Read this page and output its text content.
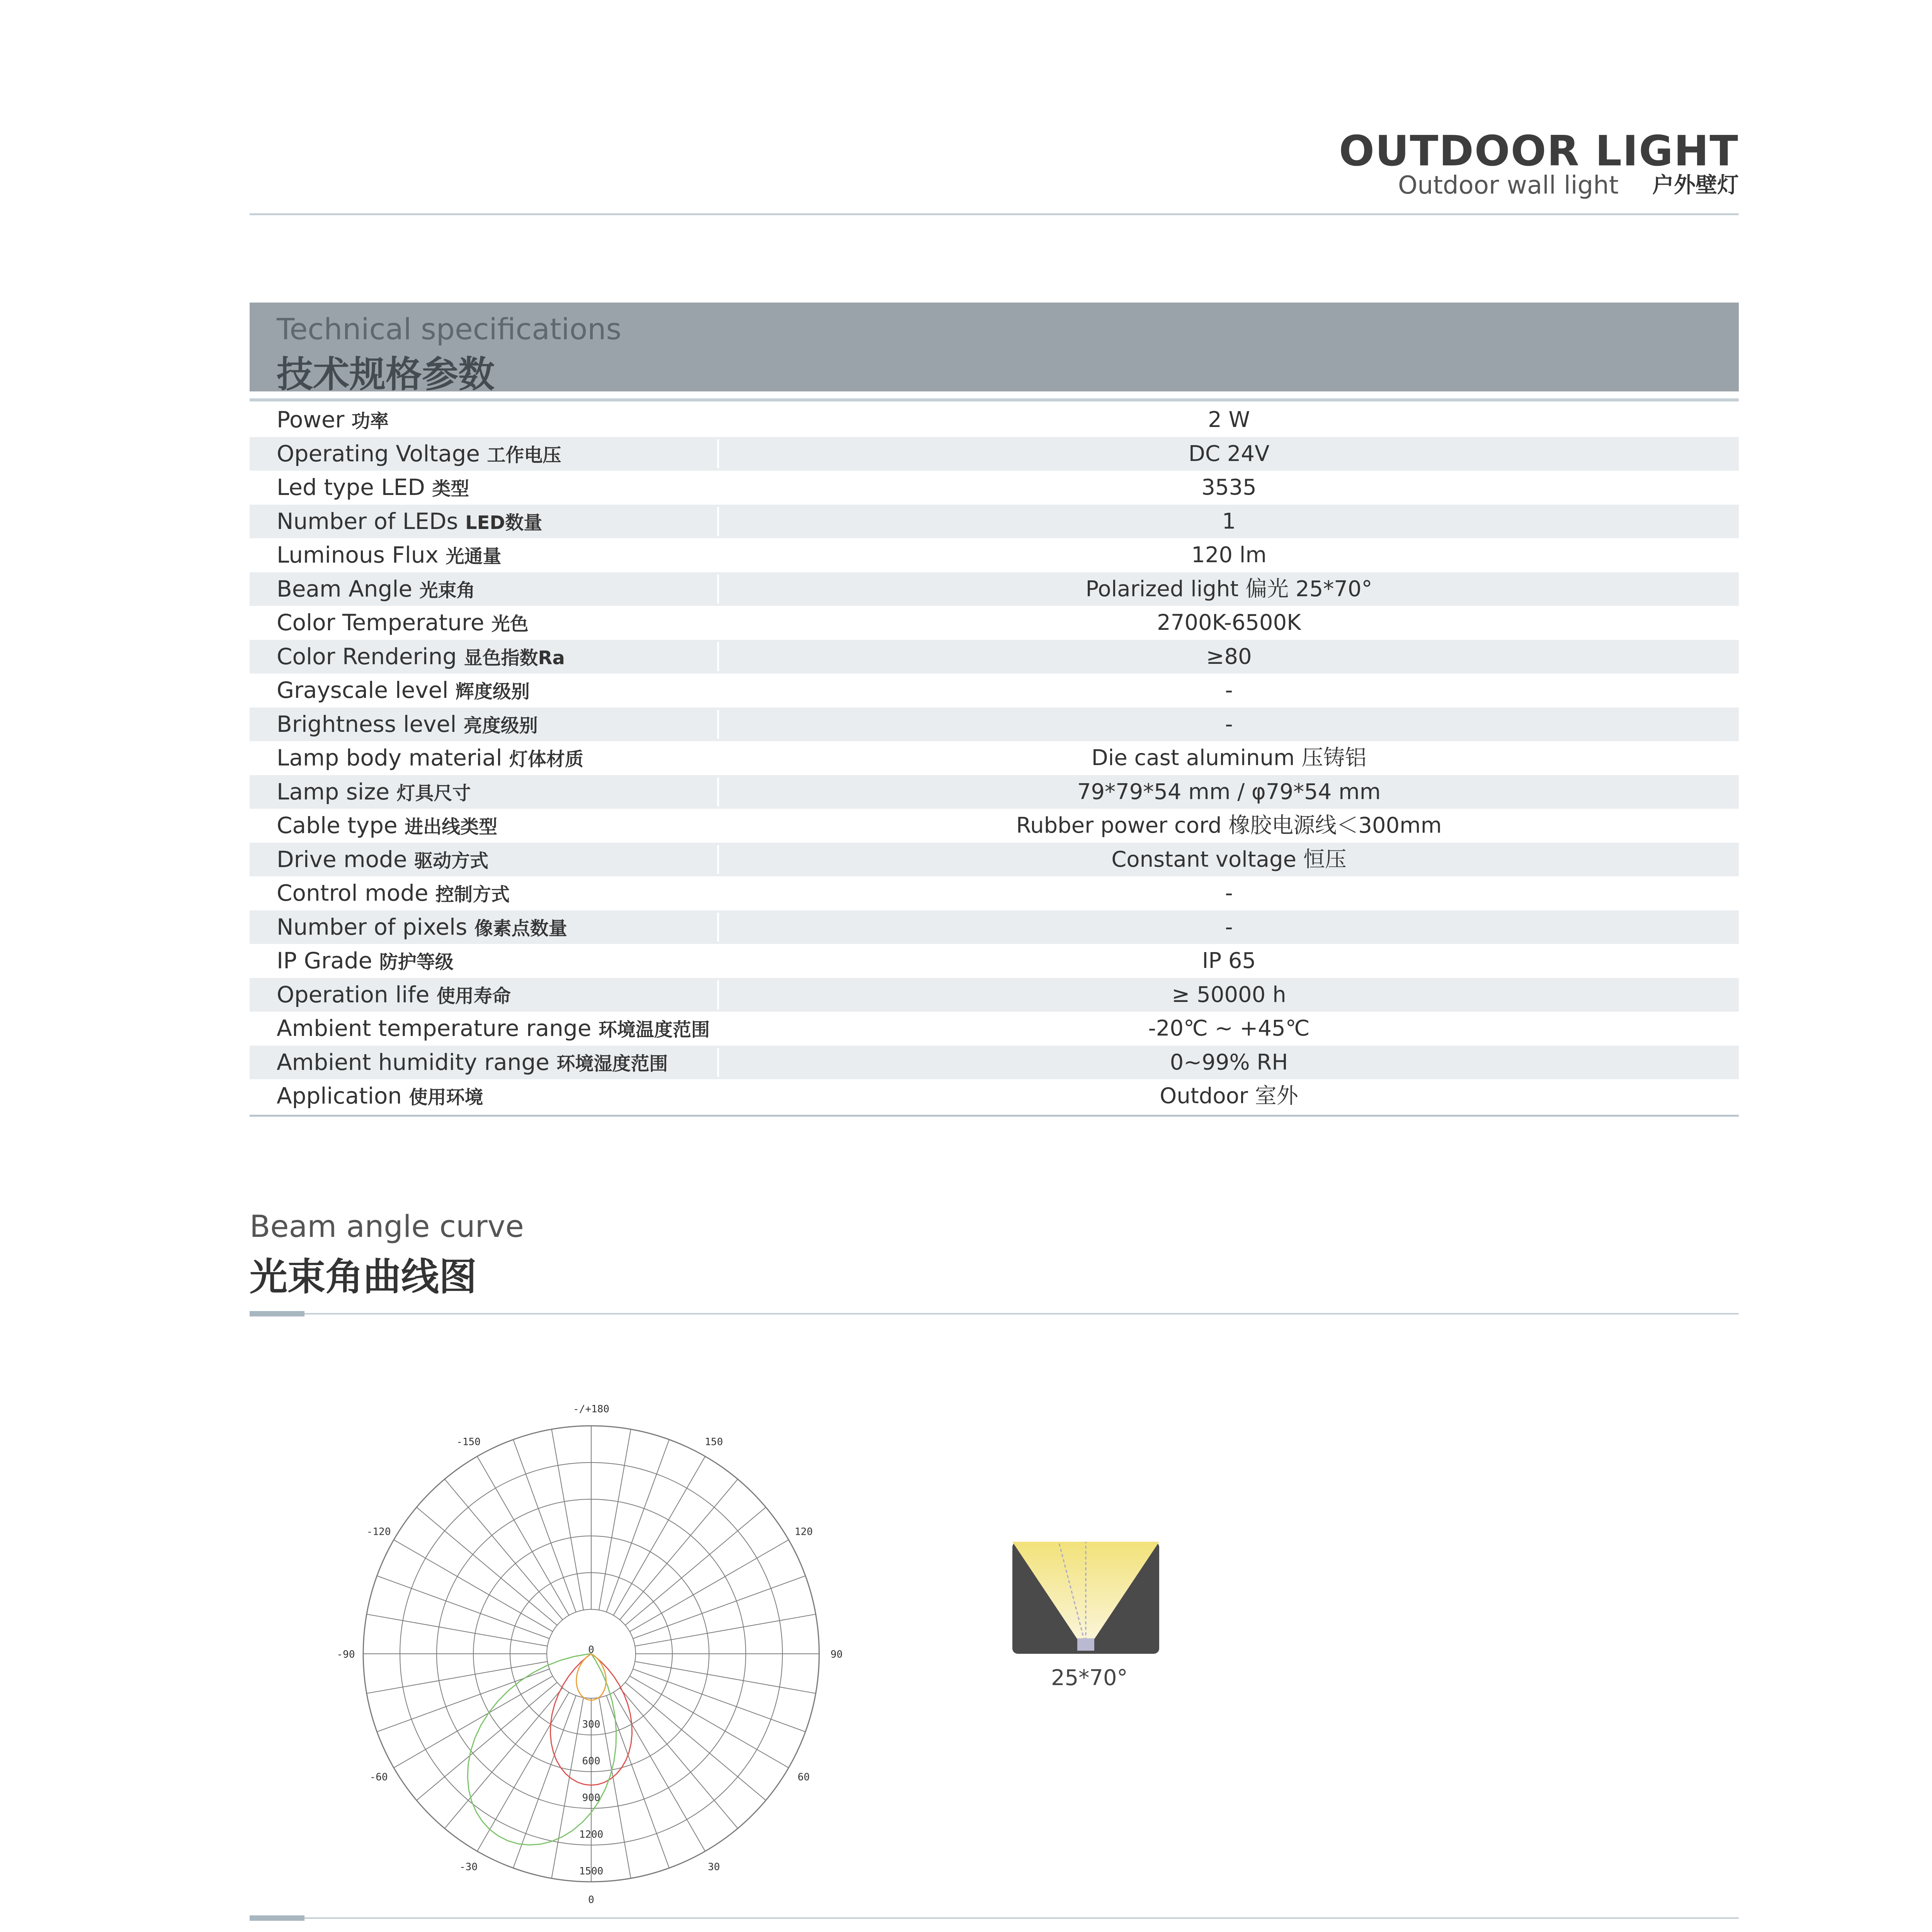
OUTDOOR LIGHT
Outdoor wall light 户外壁灯
Technical specifications
技术规格参数
Power 功率	2 W
Operating Voltage 工作电压	DC 24V
Led type LED 类型	3535
Number of LEDs LED数量	1
Luminous Flux 光通量	120 lm
Beam Angle 光束角	Polarized light 偏光 25*70°
Color Temperature 光色	2700K-6500K
Color Rendering 显色指数Ra	≥80
Grayscale level 辉度级别	-
Brightness level 亮度级别	-
Lamp body material 灯体材质	Die cast aluminum 压铸铝
Lamp size 灯具尺寸	79*79*54 mm / φ79*54 mm
Cable type 进出线类型	Rubber power cord 橡胶电源线＜300mm
Drive mode 驱动方式	Constant voltage 恒压
Control mode 控制方式	-
Number of pixels 像素点数量	-
IP Grade 防护等级	IP 65
Operation life 使用寿命	≥ 50000 h
Ambient temperature range 环境温度范围	-20℃ ~ +45℃
Ambient humidity range 环境湿度范围	0~99% RH
Application 使用环境	Outdoor 室外
Beam angle curve
光束角曲线图
-/+180
150
120
90
60
30
0
-30
-60
-90
-120
-150
0
300
600
900
1200
1500
25*70°
